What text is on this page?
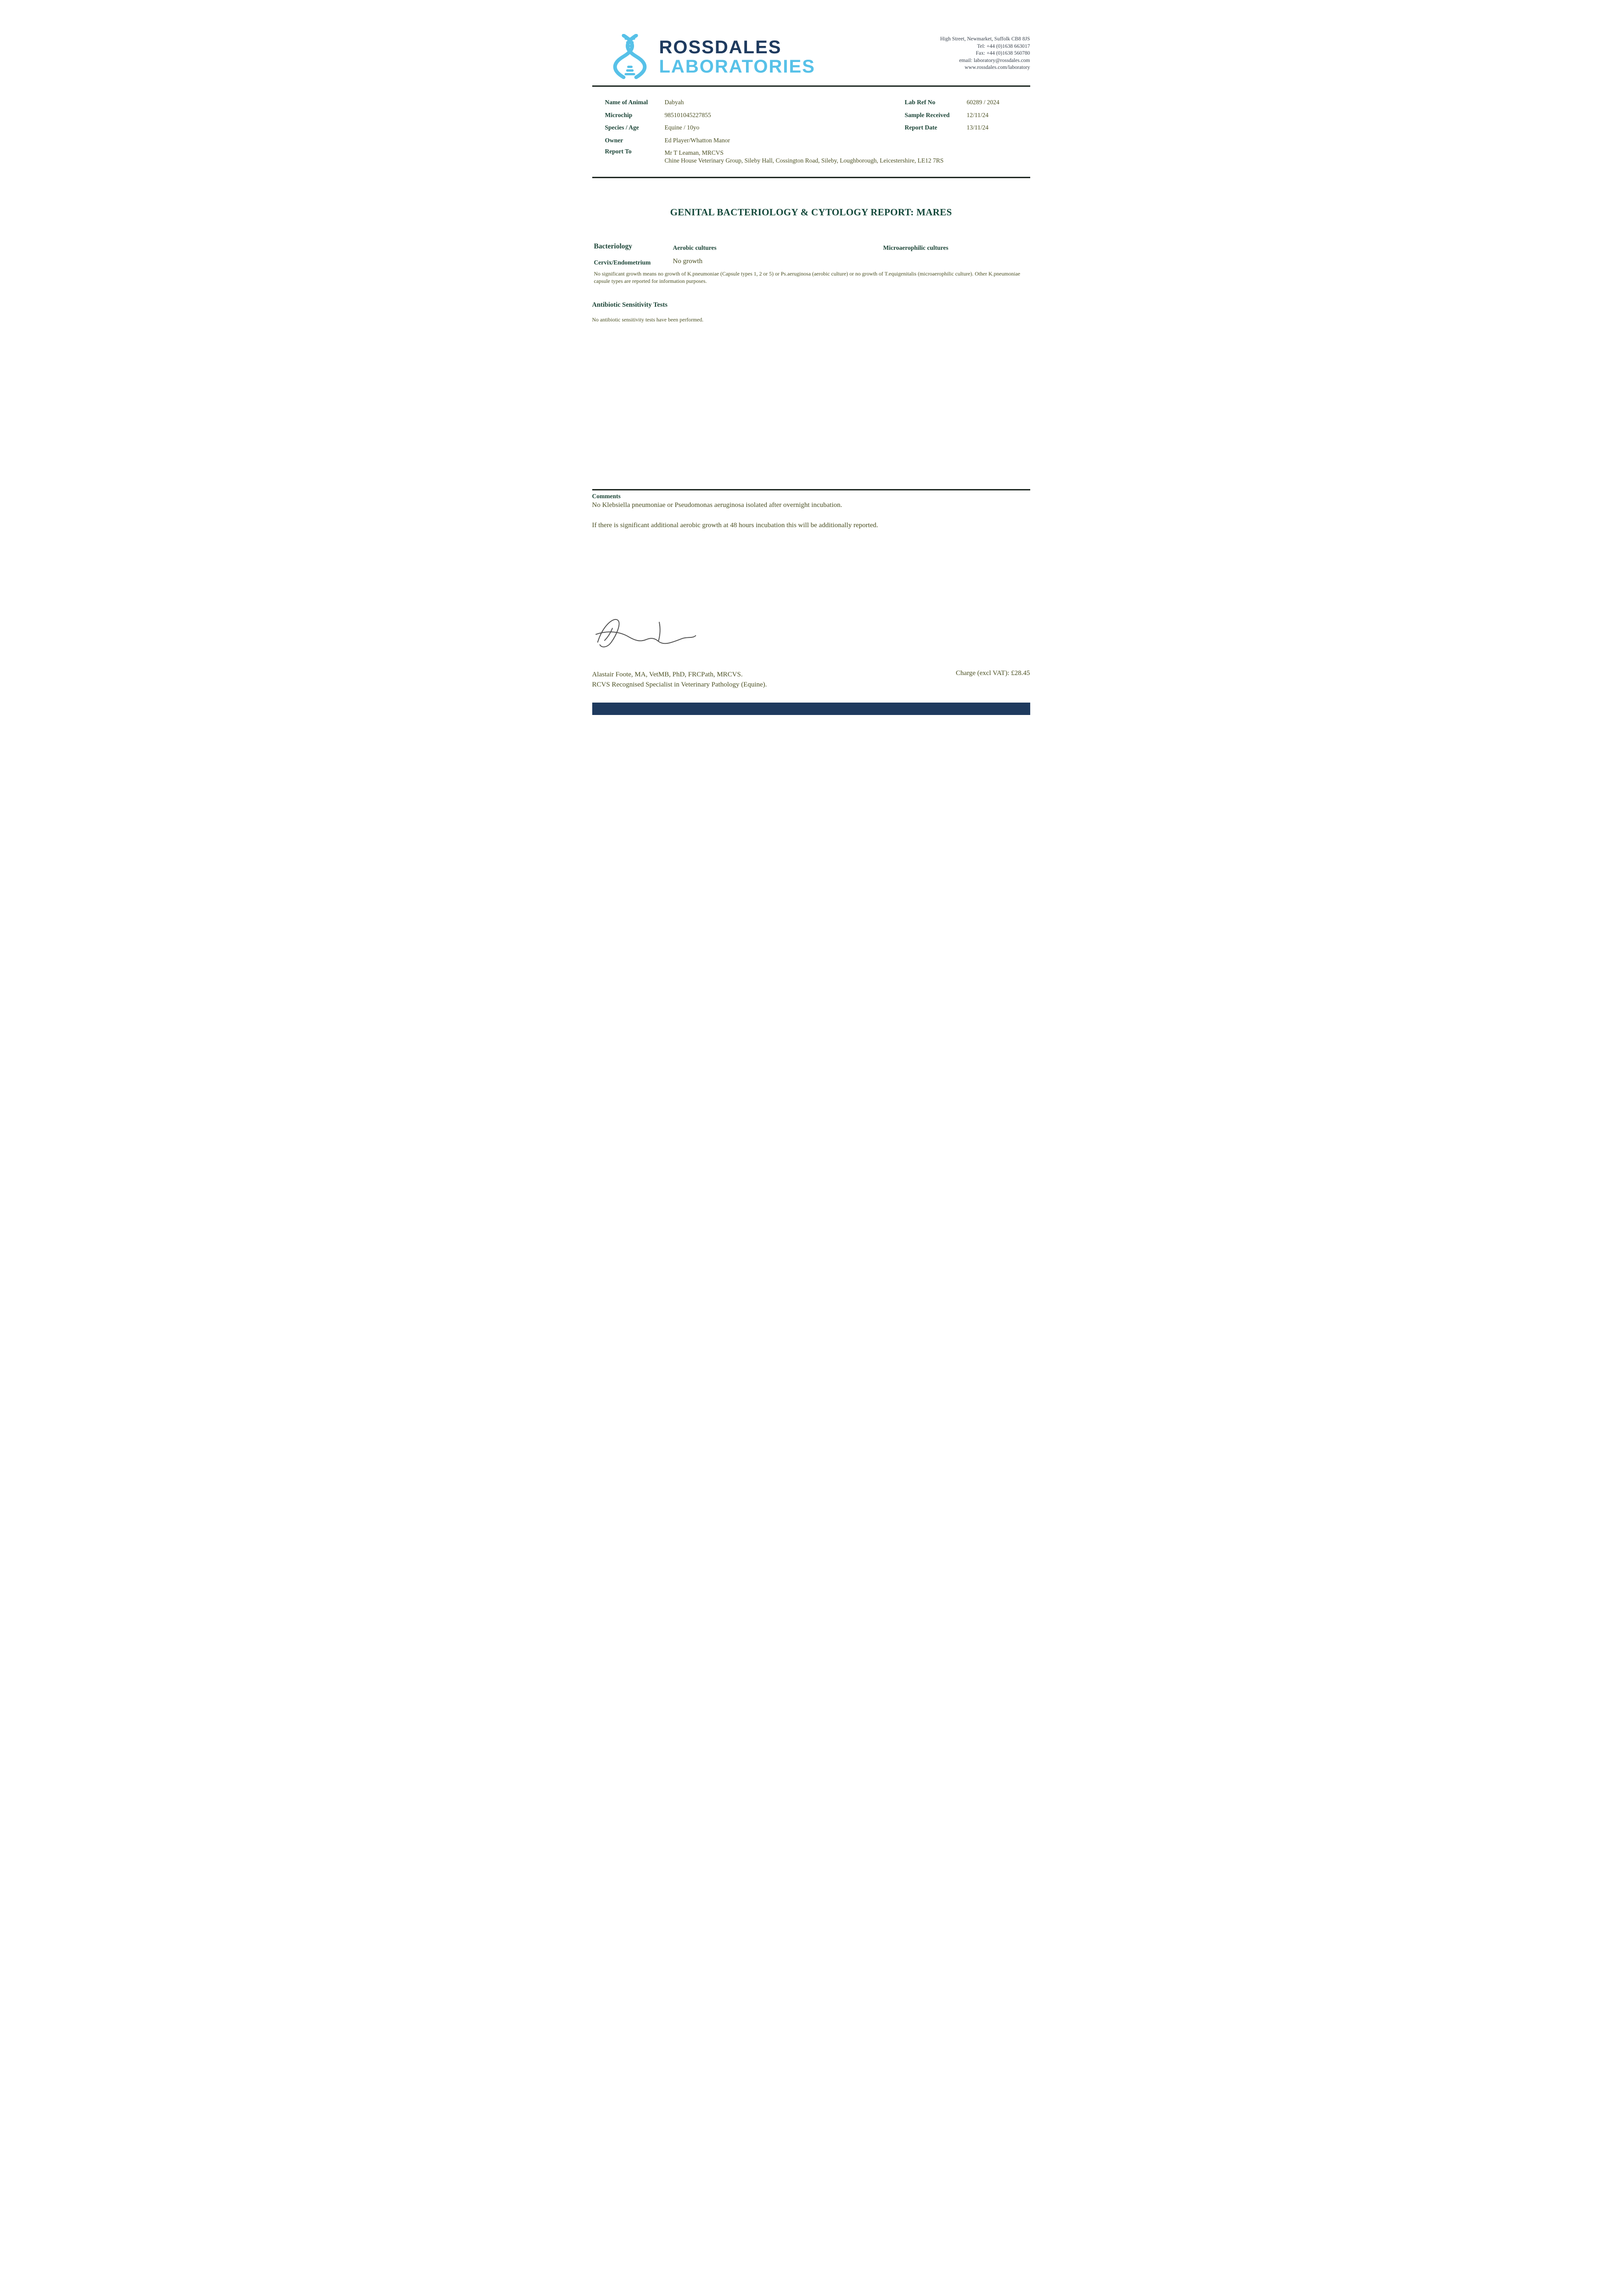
ROSSDALES
LABORATORIES
High Street, Newmarket, Suffolk CB8 8JS
Tel: +44 (0)1638 663017
Fax: +44 (0)1638 560780
email: laboratory@rossdales.com
www.rossdales.com/laboratory
Name of Animal	Dabyah
Microchip	985101045227855
Species / Age	Equine / 10yo
Owner	Ed Player/Whatton Manor
Report To	Mr T Leaman, MRCVS
Chine House Veterinary Group, Sileby Hall, Cossington Road, Sileby, Loughborough, Leicestershire, LE12 7RS
Lab Ref No	60289 / 2024
Sample Received	12/11/24
Report Date	13/11/24
GENITAL BACTERIOLOGY & CYTOLOGY REPORT: MARES
Bacteriology	Aerobic cultures	Microaerophilic cultures
Cervix/Endometrium	No growth
No significant growth means no growth of K.pneumoniae (Capsule types 1, 2 or 5) or Ps.aeruginosa (aerobic culture) or no growth of T.equigenitalis (microaerophilic culture). Other K.pneumoniae capsule types are reported for information purposes.
Antibiotic Sensitivity Tests
No antibiotic sensitivity tests have been performed.
Comments
No Klebsiella pneumoniae or Pseudomonas aeruginosa isolated after overnight incubation.
If there is significant additional aerobic growth at 48 hours incubation this will be additionally reported.
Alastair Foote, MA, VetMB, PhD, FRCPath, MRCVS.
RCVS Recognised Specialist in Veterinary Pathology (Equine).
Charge (excl VAT): £28.45
